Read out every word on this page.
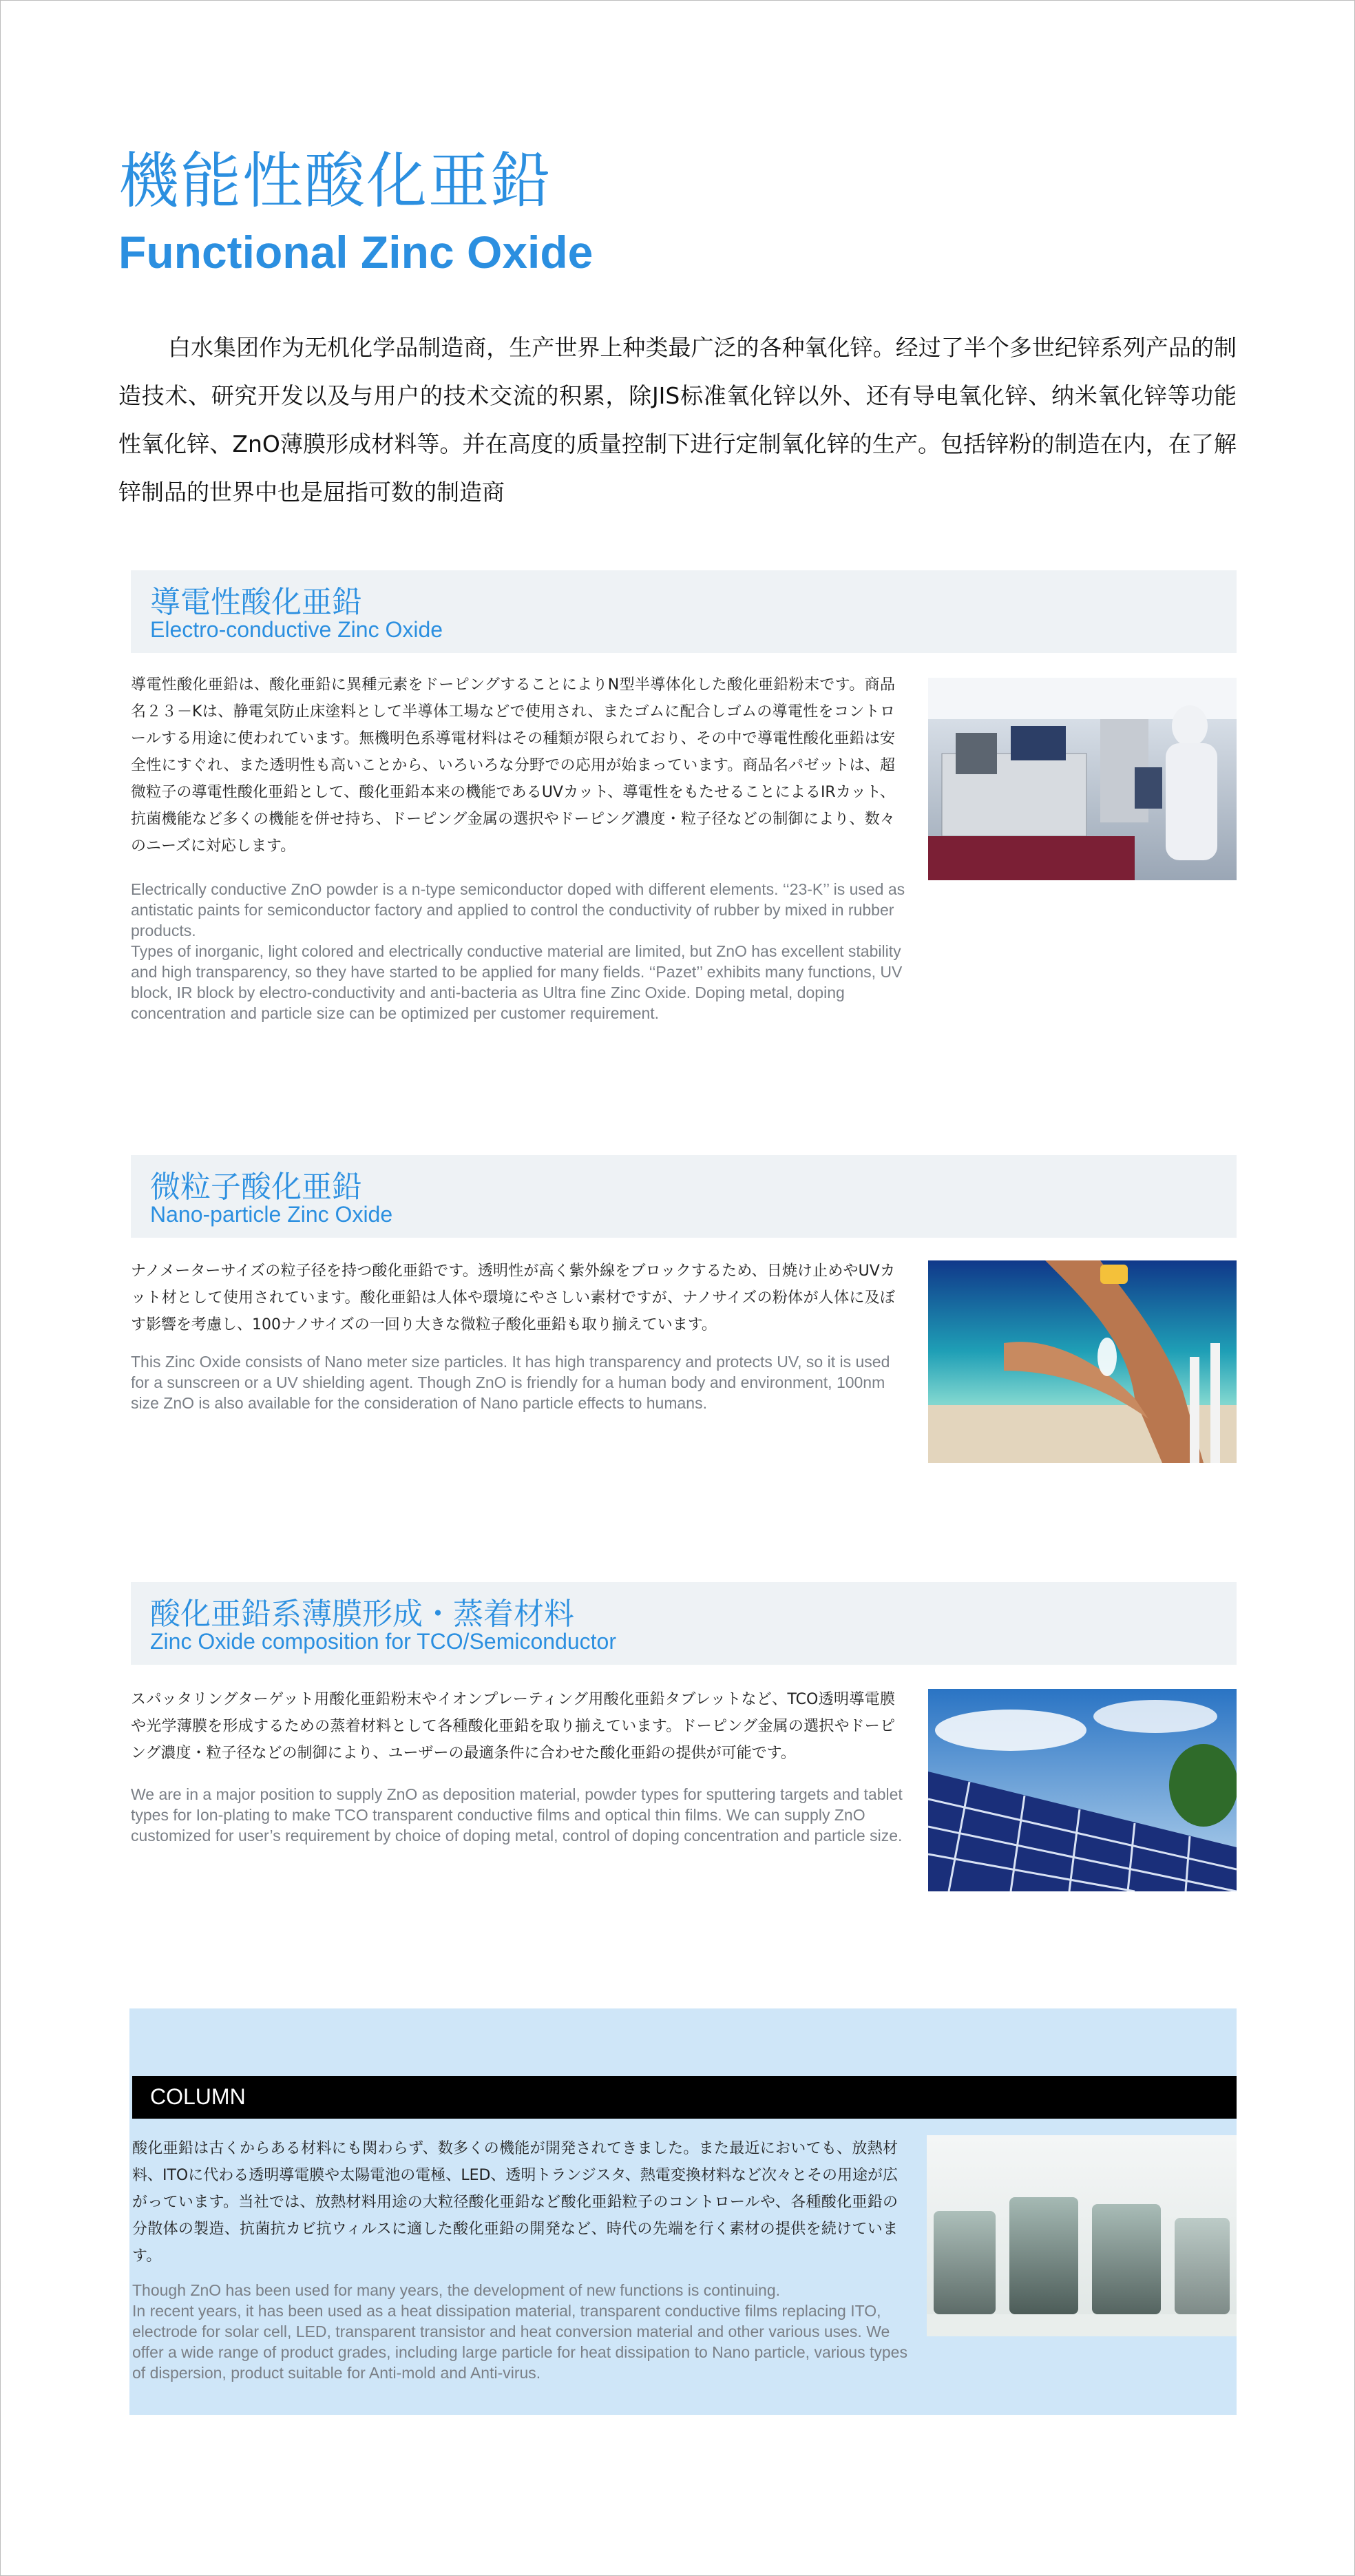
機能性酸化亜鉛
Functional Zinc Oxide
白水集团作为无机化学品制造商，生产世界上种类最广泛的各种氧化锌。经过了半个多世纪锌系列产品的制造技术、研究开发以及与用户的技术交流的积累，除JIS标准氧化锌以外、还有导电氧化锌、纳米氧化锌等功能性氧化锌、ZnO薄膜形成材料等。并在高度的质量控制下进行定制氧化锌的生产。包括锌粉的制造在内，在了解锌制品的世界中也是屈指可数的制造商
導電性酸化亜鉛
Electro-conductive Zinc Oxide
導電性酸化亜鉛は、酸化亜鉛に異種元素をドーピングすることによりN型半導体化した酸化亜鉛粉末です。商品名２３－Kは、静電気防止床塗料として半導体工場などで使用され、またゴムに配合しゴムの導電性をコントロールする用途に使われています。無機明色系導電材料はその種類が限られており、その中で導電性酸化亜鉛は安全性にすぐれ、また透明性も高いことから、いろいろな分野での応用が始まっています。商品名パゼットは、超微粒子の導電性酸化亜鉛として、酸化亜鉛本来の機能であるUVカット、導電性をもたせることによるIRカット、抗菌機能など多くの機能を併せ持ち、ドーピング金属の選択やドーピング濃度・粒子径などの制御により、数々のニーズに対応します。
Electrically conductive ZnO powder is a n-type semiconductor doped with different elements. ‘‘23-K’’ is used as antistatic paints for semiconductor factory and applied to control the conductivity of rubber by mixed in rubber products.
Types of inorganic, light colored and electrically conductive material are limited, but ZnO has excellent stability and high transparency, so they have started to be applied for many fields. ‘‘Pazet’’ exhibits many functions, UV block, IR block by electro-conductivity and anti-bacteria as Ultra fine Zinc Oxide. Doping metal, doping concentration and particle size can be optimized per customer requirement.
微粒子酸化亜鉛
Nano-particle Zinc Oxide
ナノメーターサイズの粒子径を持つ酸化亜鉛です。透明性が高く紫外線をブロックするため、日焼け止めやUVカット材として使用されています。酸化亜鉛は人体や環境にやさしい素材ですが、ナノサイズの粉体が人体に及ぼす影響を考慮し、100ナノサイズの一回り大きな微粒子酸化亜鉛も取り揃えています。
This Zinc Oxide consists of Nano meter size particles. It has high transparency and protects UV, so it is used for a sunscreen or a UV shielding agent. Though ZnO is friendly for a human body and environment, 100nm size ZnO is also available for the consideration of Nano particle effects to humans.
酸化亜鉛系薄膜形成・蒸着材料
Zinc Oxide composition for TCO/Semiconductor
スパッタリングターゲット用酸化亜鉛粉末やイオンプレーティング用酸化亜鉛タブレットなど、TCO透明導電膜や光学薄膜を形成するための蒸着材料として各種酸化亜鉛を取り揃えています。ドーピング金属の選択やドーピング濃度・粒子径などの制御により、ユーザーの最適条件に合わせた酸化亜鉛の提供が可能です。
We are in a major position to supply ZnO as deposition material, powder types for sputtering targets and tablet types for Ion-plating to make TCO transparent conductive films and optical thin films. We can supply ZnO customized for user’s requirement by choice of doping metal, control of doping concentration and particle size.
COLUMN
酸化亜鉛は古くからある材料にも関わらず、数多くの機能が開発されてきました。また最近においても、放熱材料、ITOに代わる透明導電膜や太陽電池の電極、LED、透明トランジスタ、熱電変換材料など次々とその用途が広がっています。当社では、放熱材料用途の大粒径酸化亜鉛など酸化亜鉛粒子のコントロールや、各種酸化亜鉛の分散体の製造、抗菌抗カビ抗ウィルスに適した酸化亜鉛の開発など、時代の先端を行く素材の提供を続けています。
Though ZnO has been used for many years, the development of new functions is continuing.
In recent years, it has been used as a heat dissipation material, transparent conductive films replacing ITO, electrode for solar cell, LED, transparent transistor and heat conversion material and other various uses. We offer a wide range of product grades, including large particle for heat dissipation to Nano particle, various types of dispersion, product suitable for Anti-mold and Anti-virus.
